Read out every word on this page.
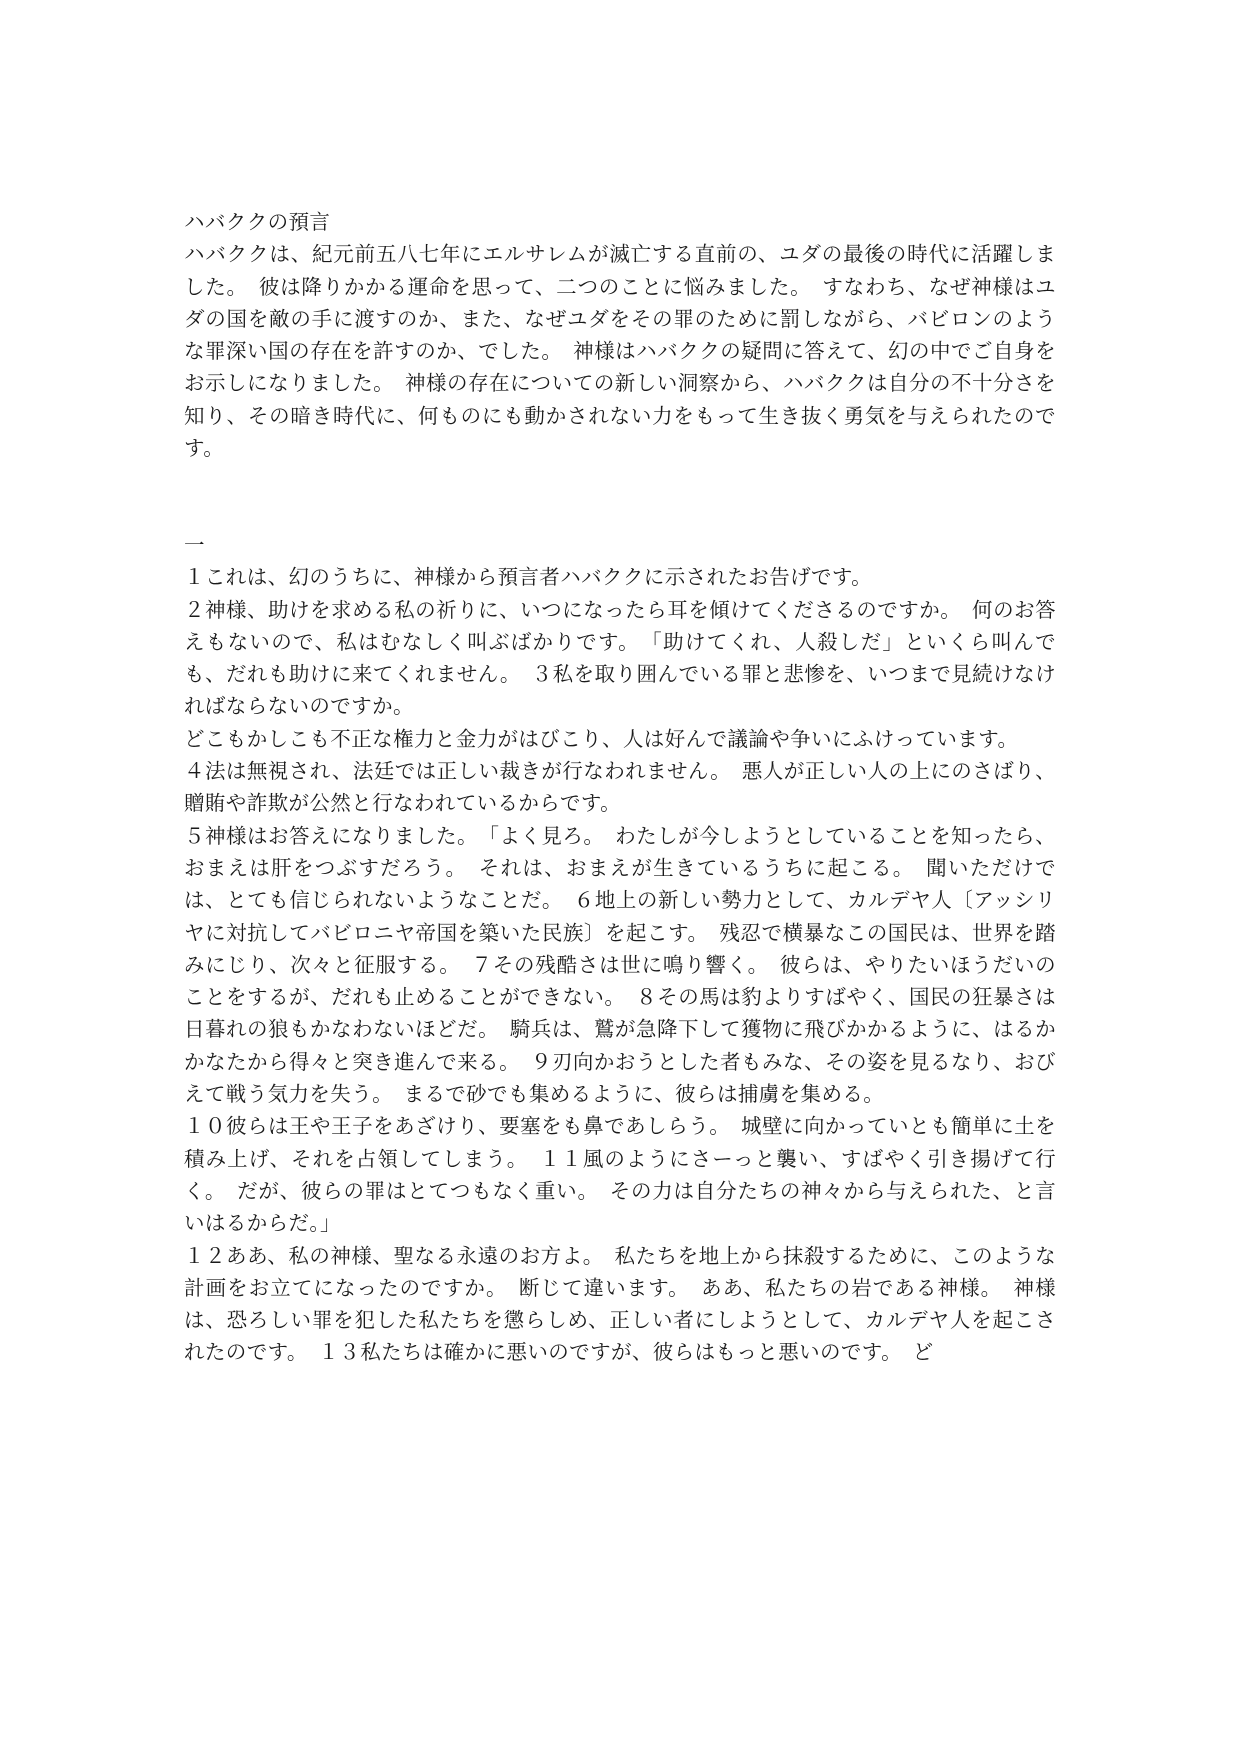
ハバククの預言

ハバククは、紀元前五八七年にエルサレムが滅亡する直前の、ユダの最後の時代に活躍しました。　彼は降りかかる運命を思って、二つのことに悩みました。　すなわち、なぜ神様はユダの国を敵の手に渡すのか、また、なぜユダをその罪のために罰しながら、バビロンのような罪深い国の存在を許すのか、でした。　神様はハバククの疑問に答えて、幻の中でご自身をお示しになりました。　神様の存在についての新しい洞察から、ハバククは自分の不十分さを知り、その暗き時代に、何ものにも動かされない力をもって生き抜く勇気を与えられたのです。

一

１これは、幻のうちに、神様から預言者ハバククに示されたお告げです。

２神様、助けを求める私の祈りに、いつになったら耳を傾けてくださるのですか。　何のお答えもないので、私はむなしく叫ぶばかりです。　「助けてくれ、人殺しだ」といくら叫んでも、だれも助けに来てくれません。　３私を取り囲んでいる罪と悲惨を、いつまで見続けなければならないのですか。

どこもかしこも不正な権力と金力がはびこり、人は好んで議論や争いにふけっています。

４法は無視され、法廷では正しい裁きが行なわれません。　悪人が正しい人の上にのさばり、贈賄や詐欺が公然と行なわれているからです。

５神様はお答えになりました。　「よく見ろ。　わたしが今しようとしていることを知ったら、おまえは肝をつぶすだろう。　それは、おまえが生きているうちに起こる。　聞いただけでは、とても信じられないようなことだ。　６地上の新しい勢力として、カルデヤ人〔アッシリヤに対抗してバビロニヤ帝国を築いた民族〕を起こす。　残忍で横暴なこの国民は、世界を踏みにじり、次々と征服する。　７その残酷さは世に鳴り響く。　彼らは、やりたいほうだいのことをするが、だれも止めることができない。　８その馬は豹よりすばやく、国民の狂暴さは日暮れの狼もかなわないほどだ。　騎兵は、鷲が急降下して獲物に飛びかかるように、はるかかなたから得々と突き進んで来る。　９刃向かおうとした者もみな、その姿を見るなり、おびえて戦う気力を失う。　まるで砂でも集めるように、彼らは捕虜を集める。

１０彼らは王や王子をあざけり、要塞をも鼻であしらう。　城壁に向かっていとも簡単に土を積み上げ、それを占領してしまう。　１１風のようにさーっと襲い、すばやく引き揚げて行く。　だが、彼らの罪はとてつもなく重い。　その力は自分たちの神々から与えられた、と言いはるからだ。」

１２ああ、私の神様、聖なる永遠のお方よ。　私たちを地上から抹殺するために、このような計画をお立てになったのですか。　断じて違います。　ああ、私たちの岩である神様。　神様は、恐ろしい罪を犯した私たちを懲らしめ、正しい者にしようとして、カルデヤ人を起こされたのです。　１３私たちは確かに悪いのですが、彼らはもっと悪いのです。　ど
